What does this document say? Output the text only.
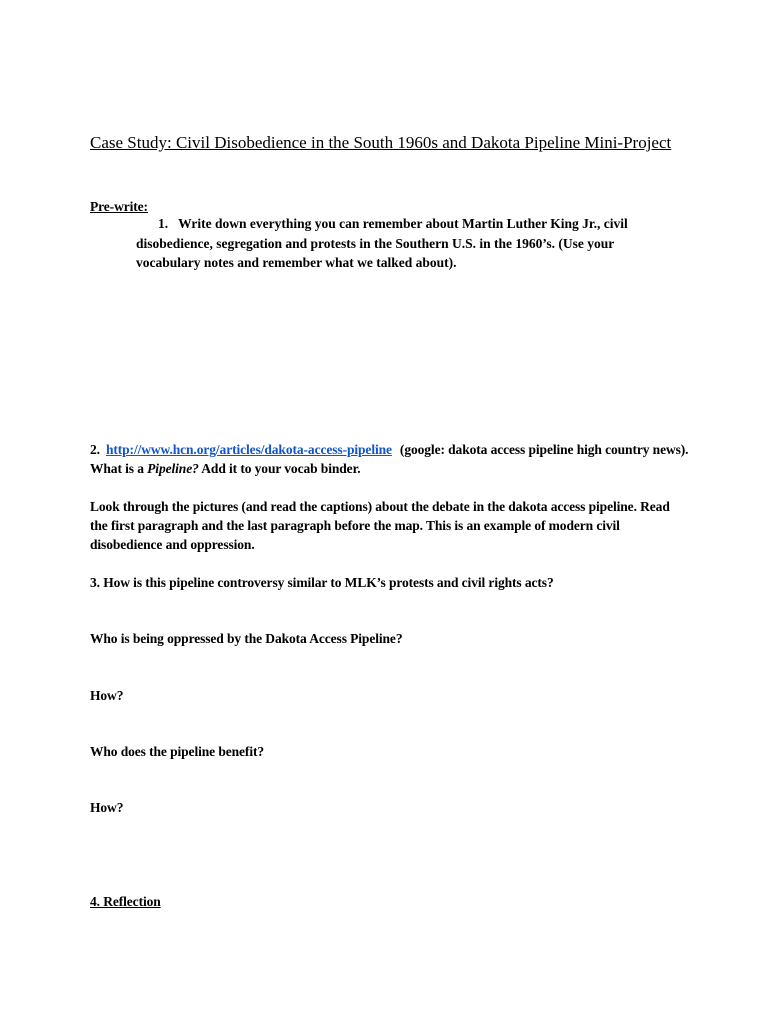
Case Study: Civil Disobedience in the South 1960s and Dakota Pipeline Mini-Project

Pre-write:

1. Write down everything you can remember about Martin Luther King Jr., civil disobedience, segregation and protests in the Southern U.S. in the 1960’s. (Use your vocabulary notes and remember what we talked about).

2. http://www.hcn.org/articles/dakota-access-pipeline (google: dakota access pipeline high country news). What is a Pipeline? Add it to your vocab binder.

Look through the pictures (and read the captions) about the debate in the dakota access pipeline. Read the first paragraph and the last paragraph before the map. This is an example of modern civil disobedience and oppression.

3. How is this pipeline controversy similar to MLK’s protests and civil rights acts?

Who is being oppressed by the Dakota Access Pipeline?

How?

Who does the pipeline benefit?

How?

4. Reflection
